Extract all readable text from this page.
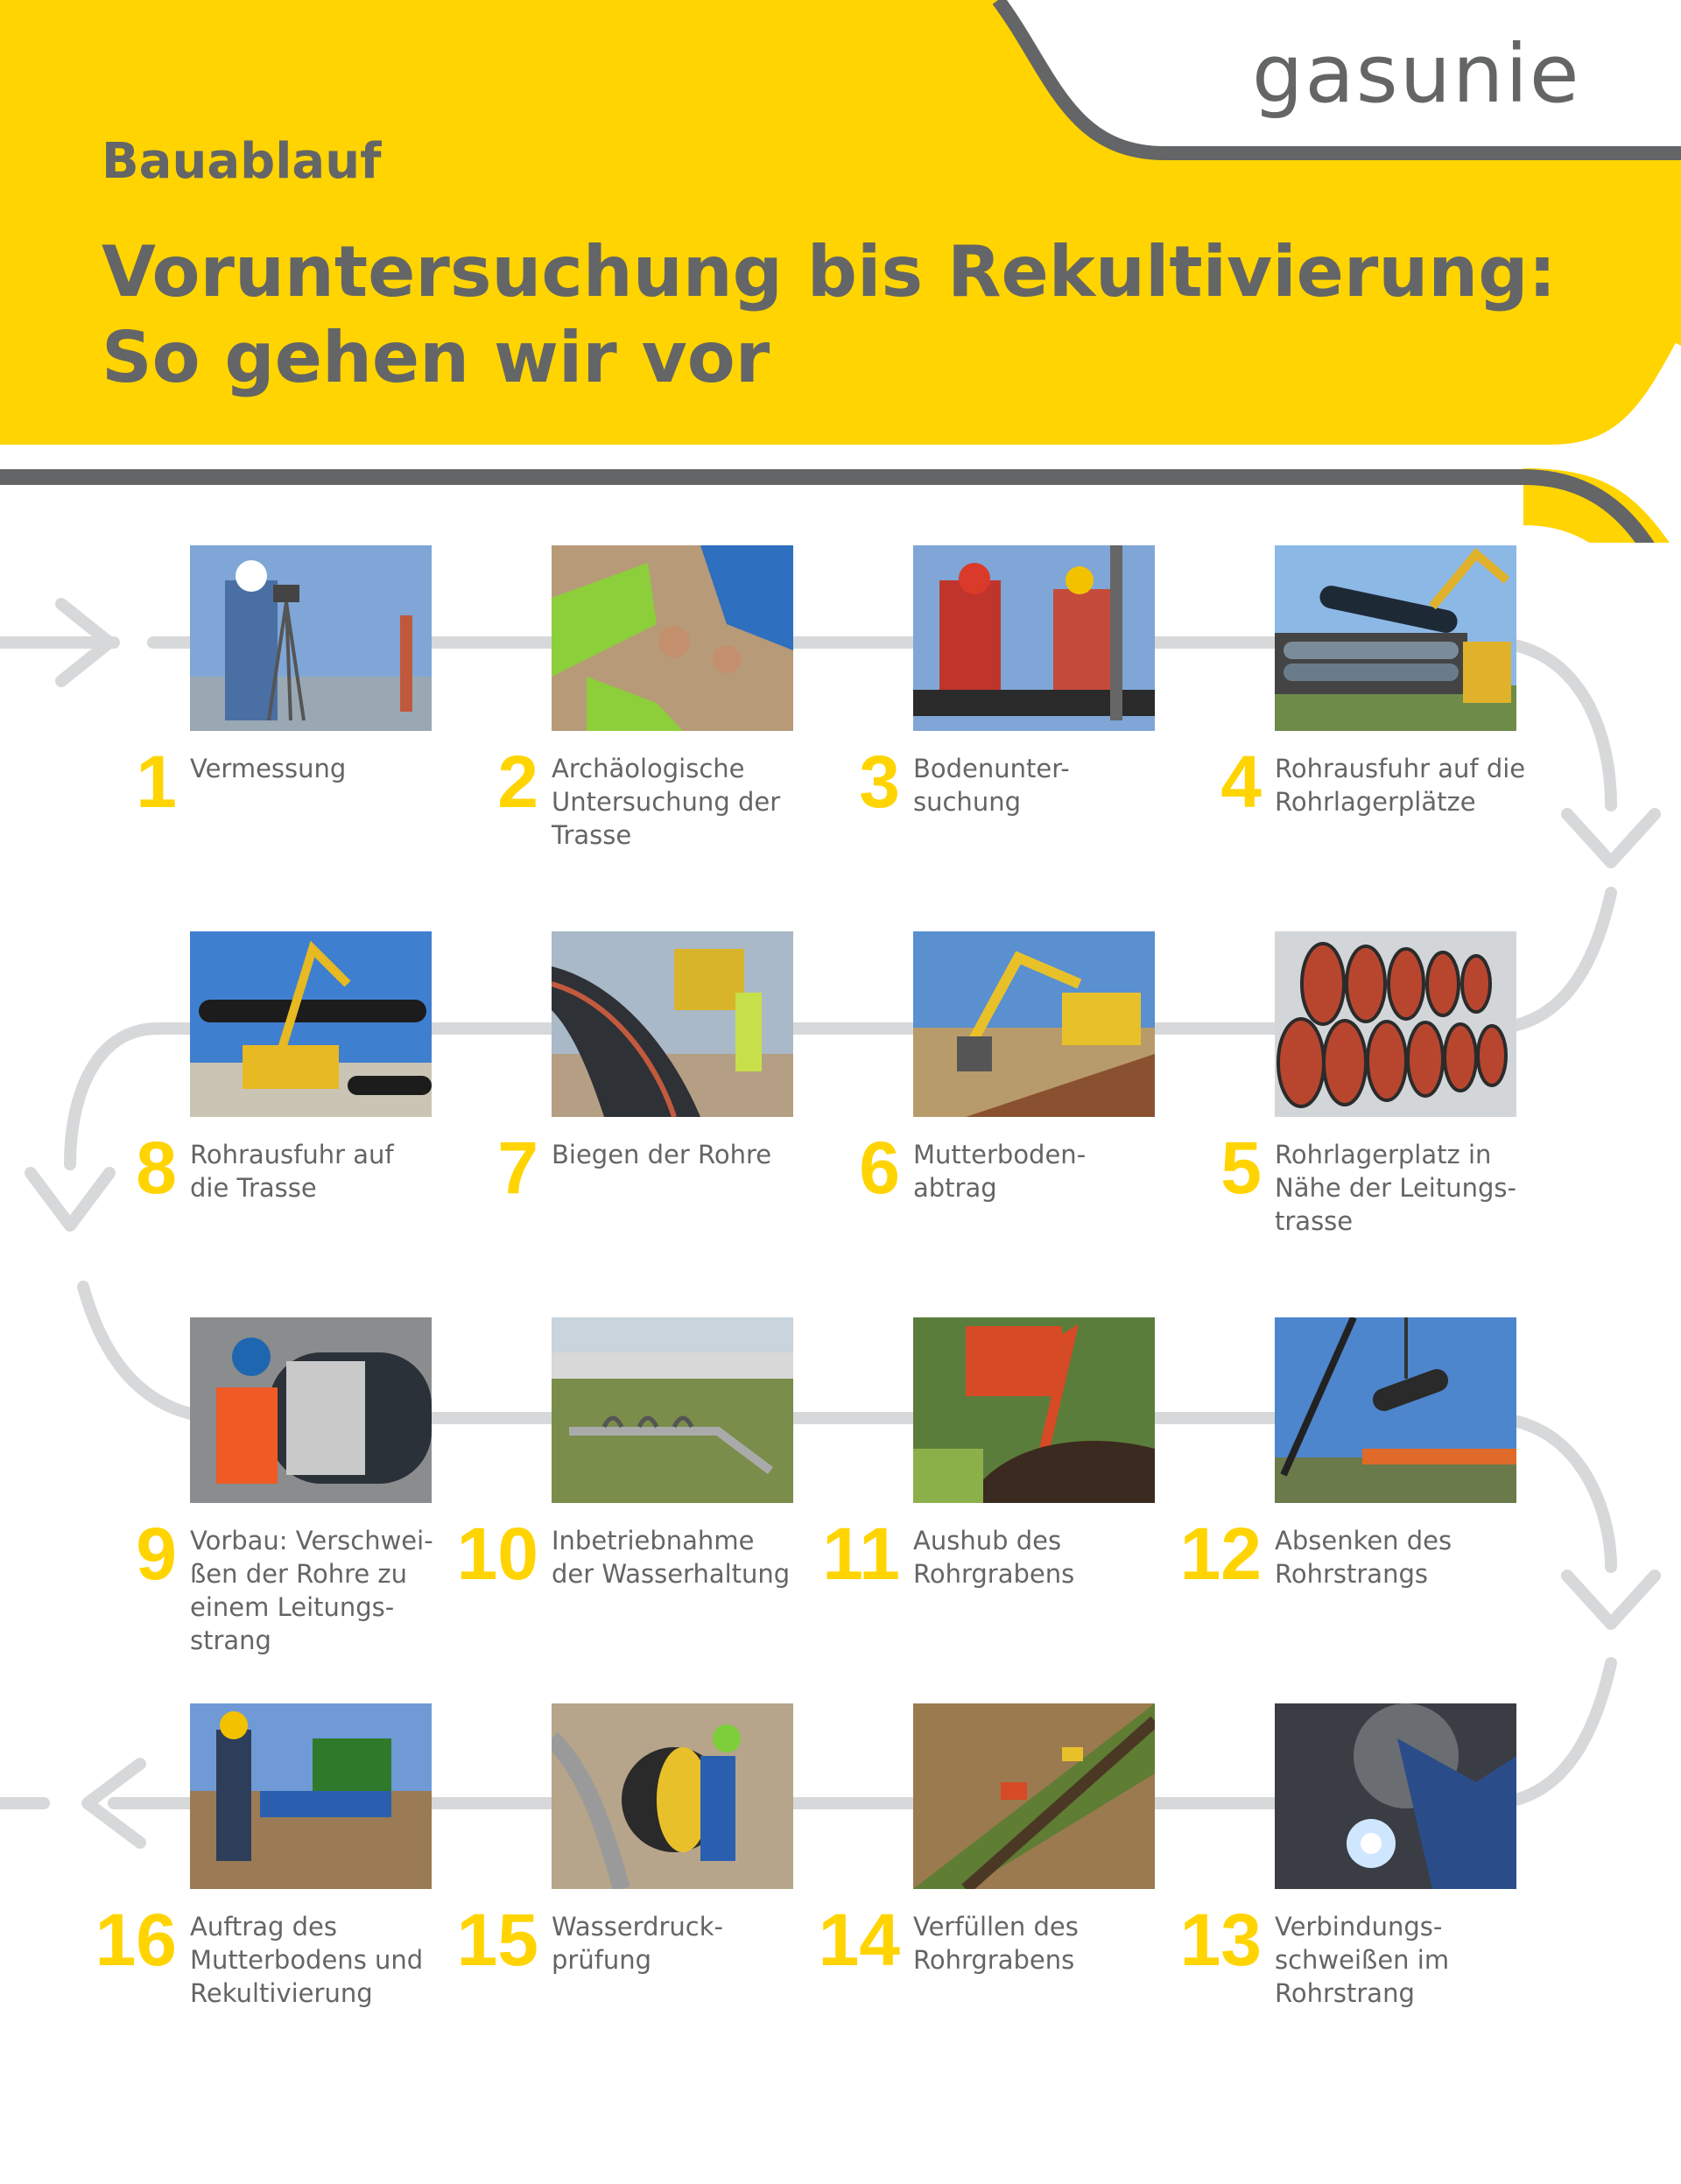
gasunie
Bauablauf
Voruntersuchung bis Rekultivierung:
So gehen wir vor
1 Vermessung	2 Archäologische
Untersuchung der
Trasse
3 Bodenunter-
suchung	4 Rohrausfuhr auf die
Rohrlagerplätze
8 Rohrausfuhr auf
die Trasse	7 Biegen der Rohre	6 Mutterboden-
abtrag	5 Rohrlagerplatz in
Nähe der Leitungs-
trasse
9 Vorbau: Verschwei-
ßen der Rohre zu
einem Leitungs-
strang
10 Inbetriebnahme
der Wasserhaltung 11 Aushub des
Rohrgrabens	12 Absenken des
Rohrstrangs
16 Auftrag des
Mutterbodens und
Rekultivierung
15 Wasserdruck-
prüfung	14 Verfüllen des
Rohrgrabens	13 Verbindungs-
schweißen im
Rohrstrang
